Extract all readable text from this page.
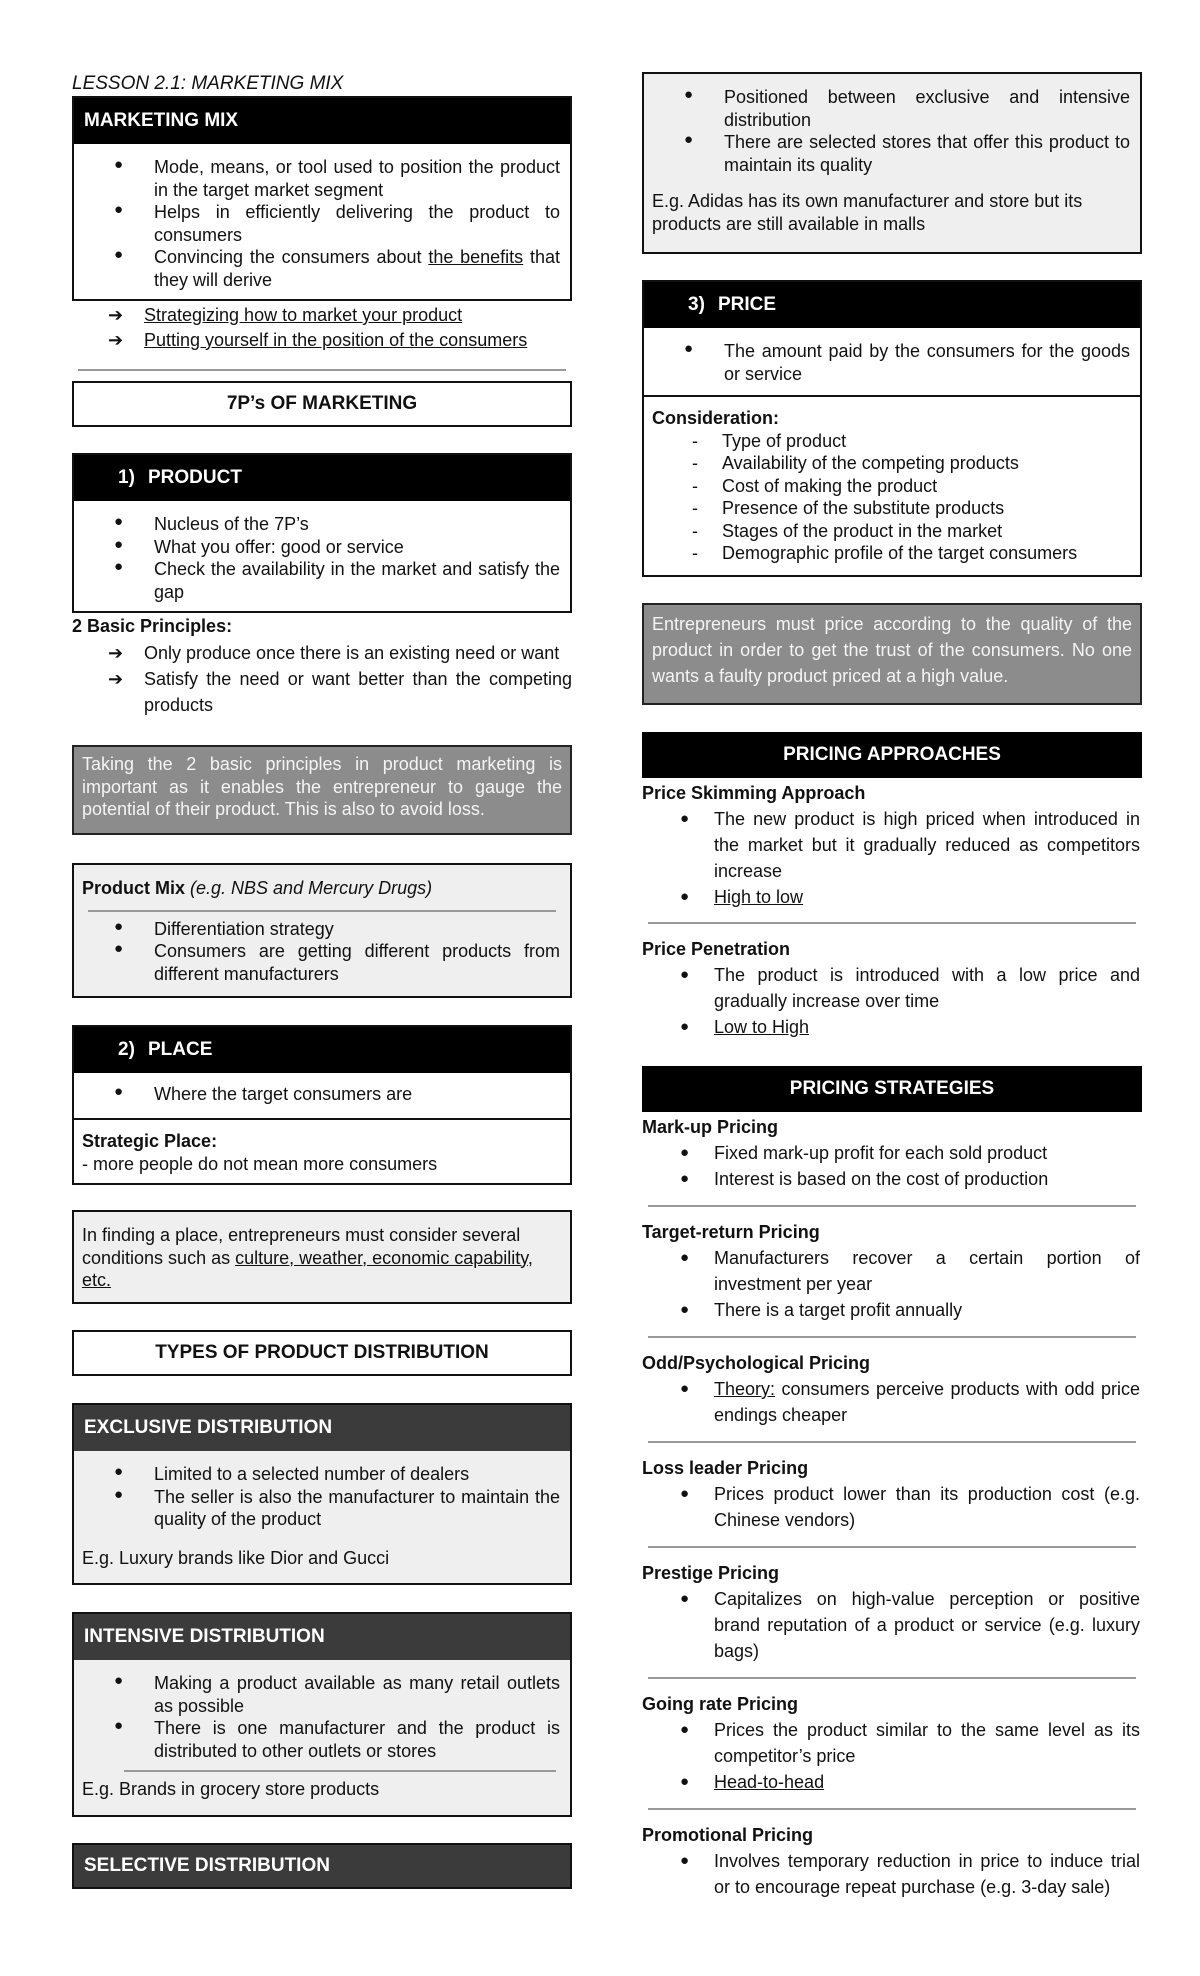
LESSON 2.1: MARKETING MIX
MARKETING MIX
● Mode, means, or tool used to position the product in the target market segment
● Helps in efficiently delivering the product to consumers
● Convincing the consumers about the benefits that they will derive
➔ Strategizing how to market your product
➔ Putting yourself in the position of the consumers
7P’s OF MARKETING
1) PRODUCT
● Nucleus of the 7P’s
● What you offer: good or service
● Check the availability in the market and satisfy the gap
2 Basic Principles:
➔ Only produce once there is an existing need or want
➔ Satisfy the need or want better than the competing products
Taking the 2 basic principles in product marketing is important as it enables the entrepreneur to gauge the potential of their product. This is also to avoid loss.
Product Mix (e.g. NBS and Mercury Drugs)
● Differentiation strategy
● Consumers are getting different products from different manufacturers
2) PLACE
● Where the target consumers are
Strategic Place:
- more people do not mean more consumers
In finding a place, entrepreneurs must consider several conditions such as culture, weather, economic capability, etc.
TYPES OF PRODUCT DISTRIBUTION
EXCLUSIVE DISTRIBUTION
● Limited to a selected number of dealers
● The seller is also the manufacturer to maintain the quality of the product
E.g. Luxury brands like Dior and Gucci
INTENSIVE DISTRIBUTION
● Making a product available as many retail outlets as possible
● There is one manufacturer and the product is distributed to other outlets or stores
E.g. Brands in grocery store products
SELECTIVE DISTRIBUTION
● Positioned between exclusive and intensive distribution
● There are selected stores that offer this product to maintain its quality
E.g. Adidas has its own manufacturer and store but its products are still available in malls
3) PRICE
● The amount paid by the consumers for the goods or service
Consideration:
- Type of product
- Availability of the competing products
- Cost of making the product
- Presence of the substitute products
- Stages of the product in the market
- Demographic profile of the target consumers
Entrepreneurs must price according to the quality of the product in order to get the trust of the consumers. No one wants a faulty product priced at a high value.
PRICING APPROACHES
Price Skimming Approach
● The new product is high priced when introduced in the market but it gradually reduced as competitors increase
● High to low
Price Penetration
● The product is introduced with a low price and gradually increase over time
● Low to High
PRICING STRATEGIES
Mark-up Pricing
● Fixed mark-up profit for each sold product
● Interest is based on the cost of production
Target-return Pricing
● Manufacturers recover a certain portion of investment per year
● There is a target profit annually
Odd/Psychological Pricing
● Theory: consumers perceive products with odd price endings cheaper
Loss leader Pricing
● Prices product lower than its production cost (e.g. Chinese vendors)
Prestige Pricing
● Capitalizes on high-value perception or positive brand reputation of a product or service (e.g. luxury bags)
Going rate Pricing
● Prices the product similar to the same level as its competitor’s price
● Head-to-head
Promotional Pricing
● Involves temporary reduction in price to induce trial or to encourage repeat purchase (e.g. 3-day sale)
